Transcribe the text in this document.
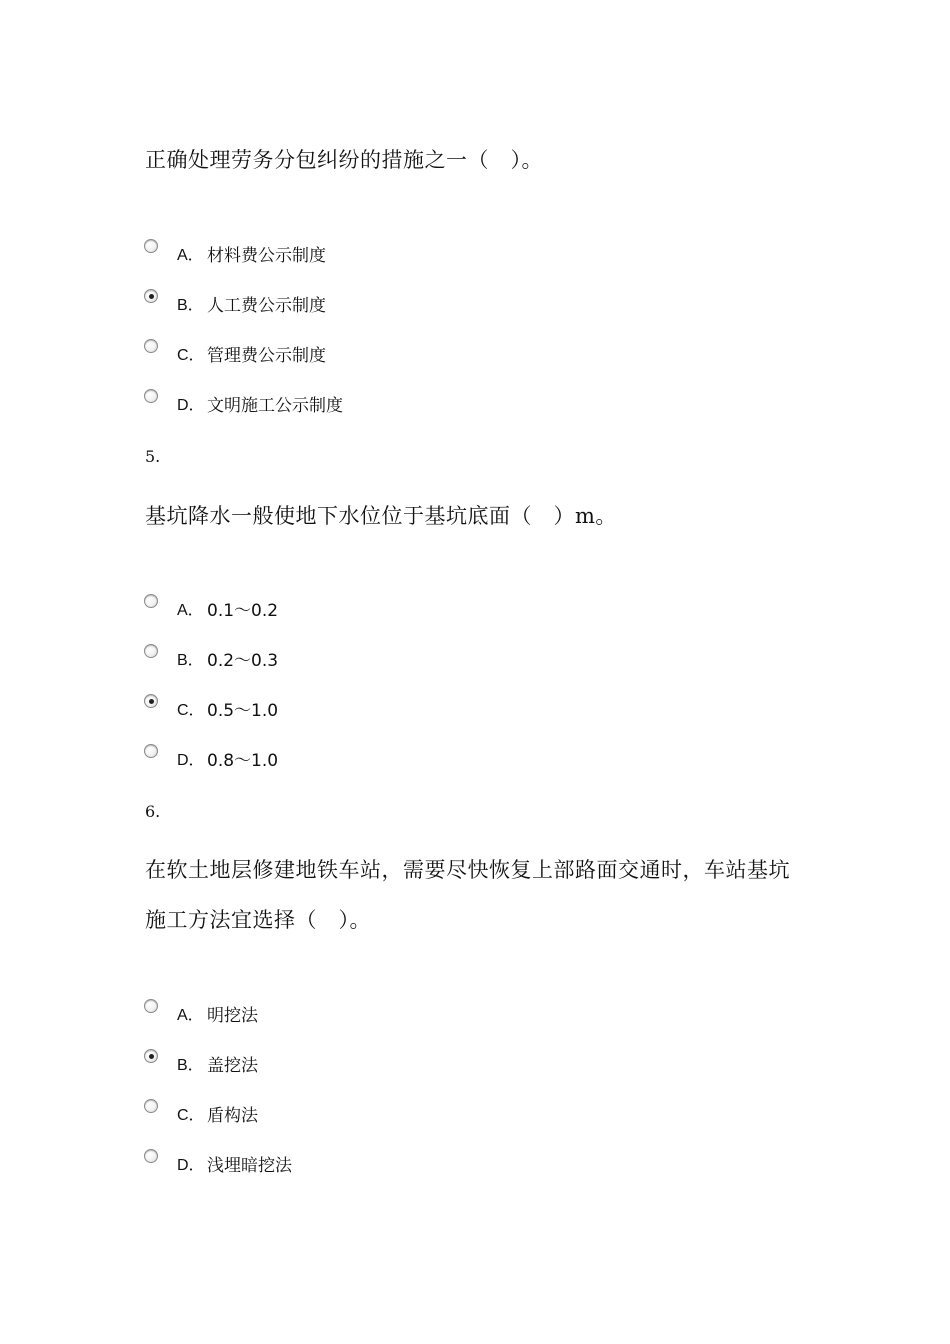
正确处理劳务分包纠纷的措施之一（　）。
A． 材料费公示制度
B． 人工费公示制度
C． 管理费公示制度
D． 文明施工公示制度
5.
基坑降水一般使地下水位位于基坑底面（　）m。
A． 0.1～0.2
B． 0.2～0.3
C． 0.5～1.0
D． 0.8～1.0
6.
在软土地层修建地铁车站，需要尽快恢复上部路面交通时，车站基坑
施工方法宜选择（　）。
A． 明挖法
B． 盖挖法
C． 盾构法
D． 浅埋暗挖法
